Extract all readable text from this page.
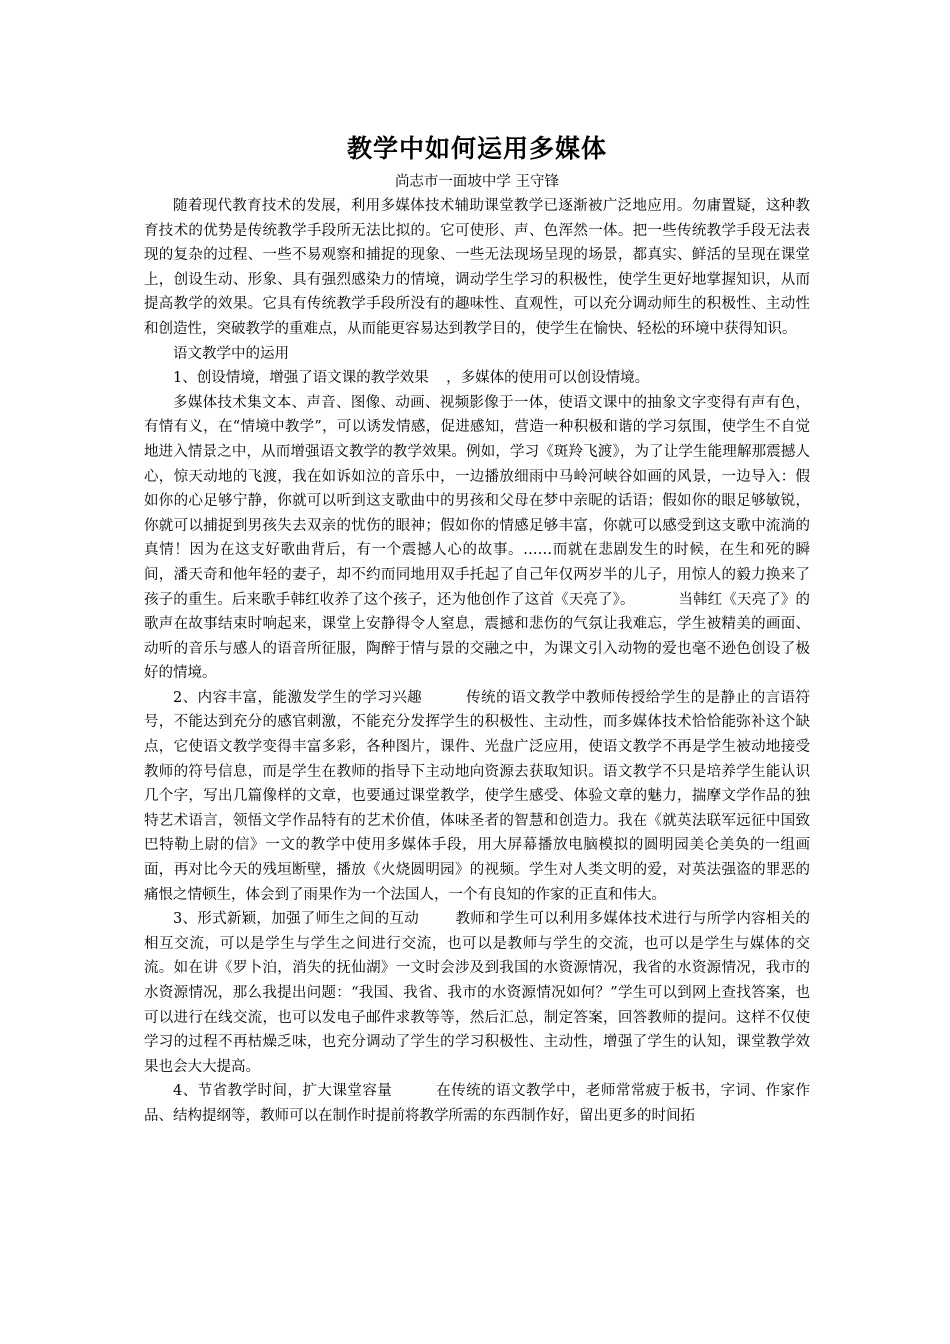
教学中如何运用多媒体

尚志市一面坡中学 王守锋

随着现代教育技术的发展，利用多媒体技术辅助课堂教学已逐渐被广泛地应用。勿庸置疑，这种教育技术的优势是传统教学手段所无法比拟的。它可使形、声、色浑然一体。把一些传统教学手段无法表现的复杂的过程、一些不易观察和捕捉的现象、一些无法现场呈现的场景，都真实、鲜活的呈现在课堂上，创设生动、形象、具有强烈感染力的情境，调动学生学习的积极性，使学生更好地掌握知识，从而提高教学的效果。它具有传统教学手段所没有的趣味性、直观性，可以充分调动师生的积极性、主动性和创造性，突破教学的重难点，从而能更容易达到教学目的，使学生在愉快、轻松的环境中获得知识。

语文教学中的运用

1、创设情境，增强了语文课的教学效果 ，多媒体的使用可以创设情境。

多媒体技术集文本、声音、图像、动画、视频影像于一体，使语文课中的抽象文字变得有声有色，有情有义，在“情境中教学”，可以诱发情感，促进感知，营造一种积极和谐的学习氛围，使学生不自觉地进入情景之中，从而增强语文教学的教学效果。例如，学习《斑羚飞渡》，为了让学生能理解那震撼人心，惊天动地的飞渡，我在如诉如泣的音乐中，一边播放细雨中马岭河峡谷如画的风景，一边导入：假如你的心足够宁静，你就可以听到这支歌曲中的男孩和父母在梦中亲昵的话语；假如你的眼足够敏锐，你就可以捕捉到男孩失去双亲的忧伤的眼神；假如你的情感足够丰富，你就可以感受到这支歌中流淌的真情！因为在这支好歌曲背后，有一个震撼人心的故事。……而就在悲剧发生的时候，在生和死的瞬间，潘天奇和他年轻的妻子，却不约而同地用双手托起了自己年仅两岁半的儿子，用惊人的毅力换来了孩子的重生。后来歌手韩红收养了这个孩子，还为他创作了这首《天亮了》。	当韩红《天亮了》的歌声在故事结束时响起来，课堂上安静得令人窒息，震撼和悲伤的气氛让我难忘，学生被精美的画面、动听的音乐与感人的语音所征服，陶醉于情与景的交融之中，为课文引入动物的爱也毫不逊色创设了极好的情境。

2、内容丰富，能激发学生的学习兴趣	传统的语文教学中教师传授给学生的是静止的言语符号，不能达到充分的感官刺激，不能充分发挥学生的积极性、主动性，而多媒体技术恰恰能弥补这个缺点，它使语文教学变得丰富多彩，各种图片，课件、光盘广泛应用，使语文教学不再是学生被动地接受教师的符号信息，而是学生在教师的指导下主动地向资源去获取知识。语文教学不只是培养学生能认识几个字，写出几篇像样的文章，也要通过课堂教学，使学生感受、体验文章的魅力，揣摩文学作品的独特艺术语言，领悟文学作品特有的艺术价值，体味圣者的智慧和创造力。我在《就英法联军远征中国致巴特勒上尉的信》一文的教学中使用多媒体手段，用大屏幕播放电脑模拟的圆明园美仑美奂的一组画面，再对比今天的残垣断壁，播放《火烧圆明园》的视频。学生对人类文明的爱，对英法强盗的罪恶的痛恨之情顿生，体会到了雨果作为一个法国人，一个有良知的作家的正直和伟大。

3、形式新颖，加强了师生之间的互动	教师和学生可以利用多媒体技术进行与所学内容相关的相互交流，可以是学生与学生之间进行交流，也可以是教师与学生的交流，也可以是学生与媒体的交流。如在讲《罗卜泊，消失的抚仙湖》一文时会涉及到我国的水资源情况，我省的水资源情况，我市的水资源情况，那么我提出问题：“我国、我省、我市的水资源情况如何？”学生可以到网上查找答案，也可以进行在线交流，也可以发电子邮件求教等等，然后汇总，制定答案，回答教师的提问。这样不仅使学习的过程不再枯燥乏味，也充分调动了学生的学习积极性、主动性，增强了学生的认知，课堂教学效果也会大大提高。

4、节省教学时间，扩大课堂容量	在传统的语文教学中，老师常常疲于板书，字词、作家作品、结构提纲等，教师可以在制作时提前将教学所需的东西制作好，留出更多的时间拓
